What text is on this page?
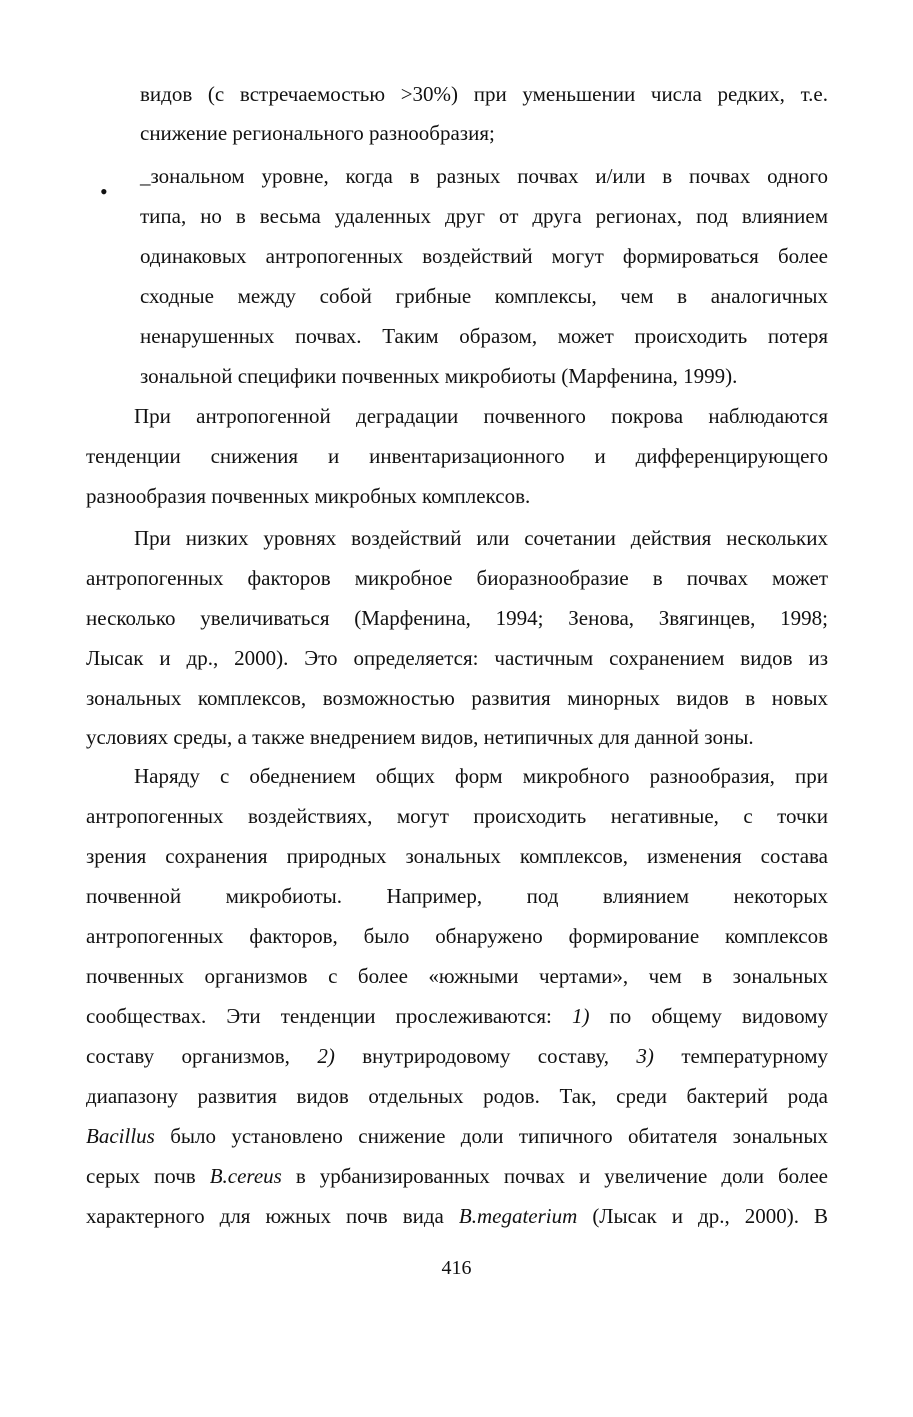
видов (с встречаемостью >30%) при уменьшении числа редких, т.е.
снижение регионального разнообразия;
•
_зональном уровне, когда в разных почвах и/или в почвах одного
типа, но в весьма удаленных друг от друга регионах, под влиянием
одинаковых антропогенных воздействий могут формироваться более
сходные между собой грибные комплексы, чем в аналогичных
ненарушенных почвах. Таким образом, может происходить потеря
зональной специфики почвенных микробиоты (Марфенина, 1999).
При антропогенной деградации почвенного покрова наблюдаются
тенденции снижения и инвентаризационного и дифференцирующего
разнообразия почвенных микробных комплексов.
При низких уровнях воздействий или сочетании действия нескольких
антропогенных факторов микробное биоразнообразие в почвах может
несколько увеличиваться (Марфенина, 1994; Зенова, Звягинцев, 1998;
Лысак и др., 2000). Это определяется: частичным сохранением видов из
зональных комплексов, возможностью развития минорных видов в новых
условиях среды, а также внедрением видов, нетипичных для данной зоны.
Наряду с обеднением общих форм микробного разнообразия, при
антропогенных воздействиях, могут происходить негативные, с точки
зрения сохранения природных зональных комплексов, изменения состава
почвенной микробиоты. Например, под влиянием некоторых
антропогенных факторов, было обнаружено формирование комплексов
почвенных организмов с более «южными чертами», чем в зональных
сообществах. Эти тенденции прослеживаются: 1) по общему видовому
составу организмов, 2) внутриродовому составу, 3) температурному
диапазону развития видов отдельных родов. Так, среди бактерий рода
Bacillus было установлено снижение доли типичного обитателя зональных
серых почв B.cereus в урбанизированных почвах и увеличение доли более
характерного для южных почв вида B.megaterium (Лысак и др., 2000). В
416
